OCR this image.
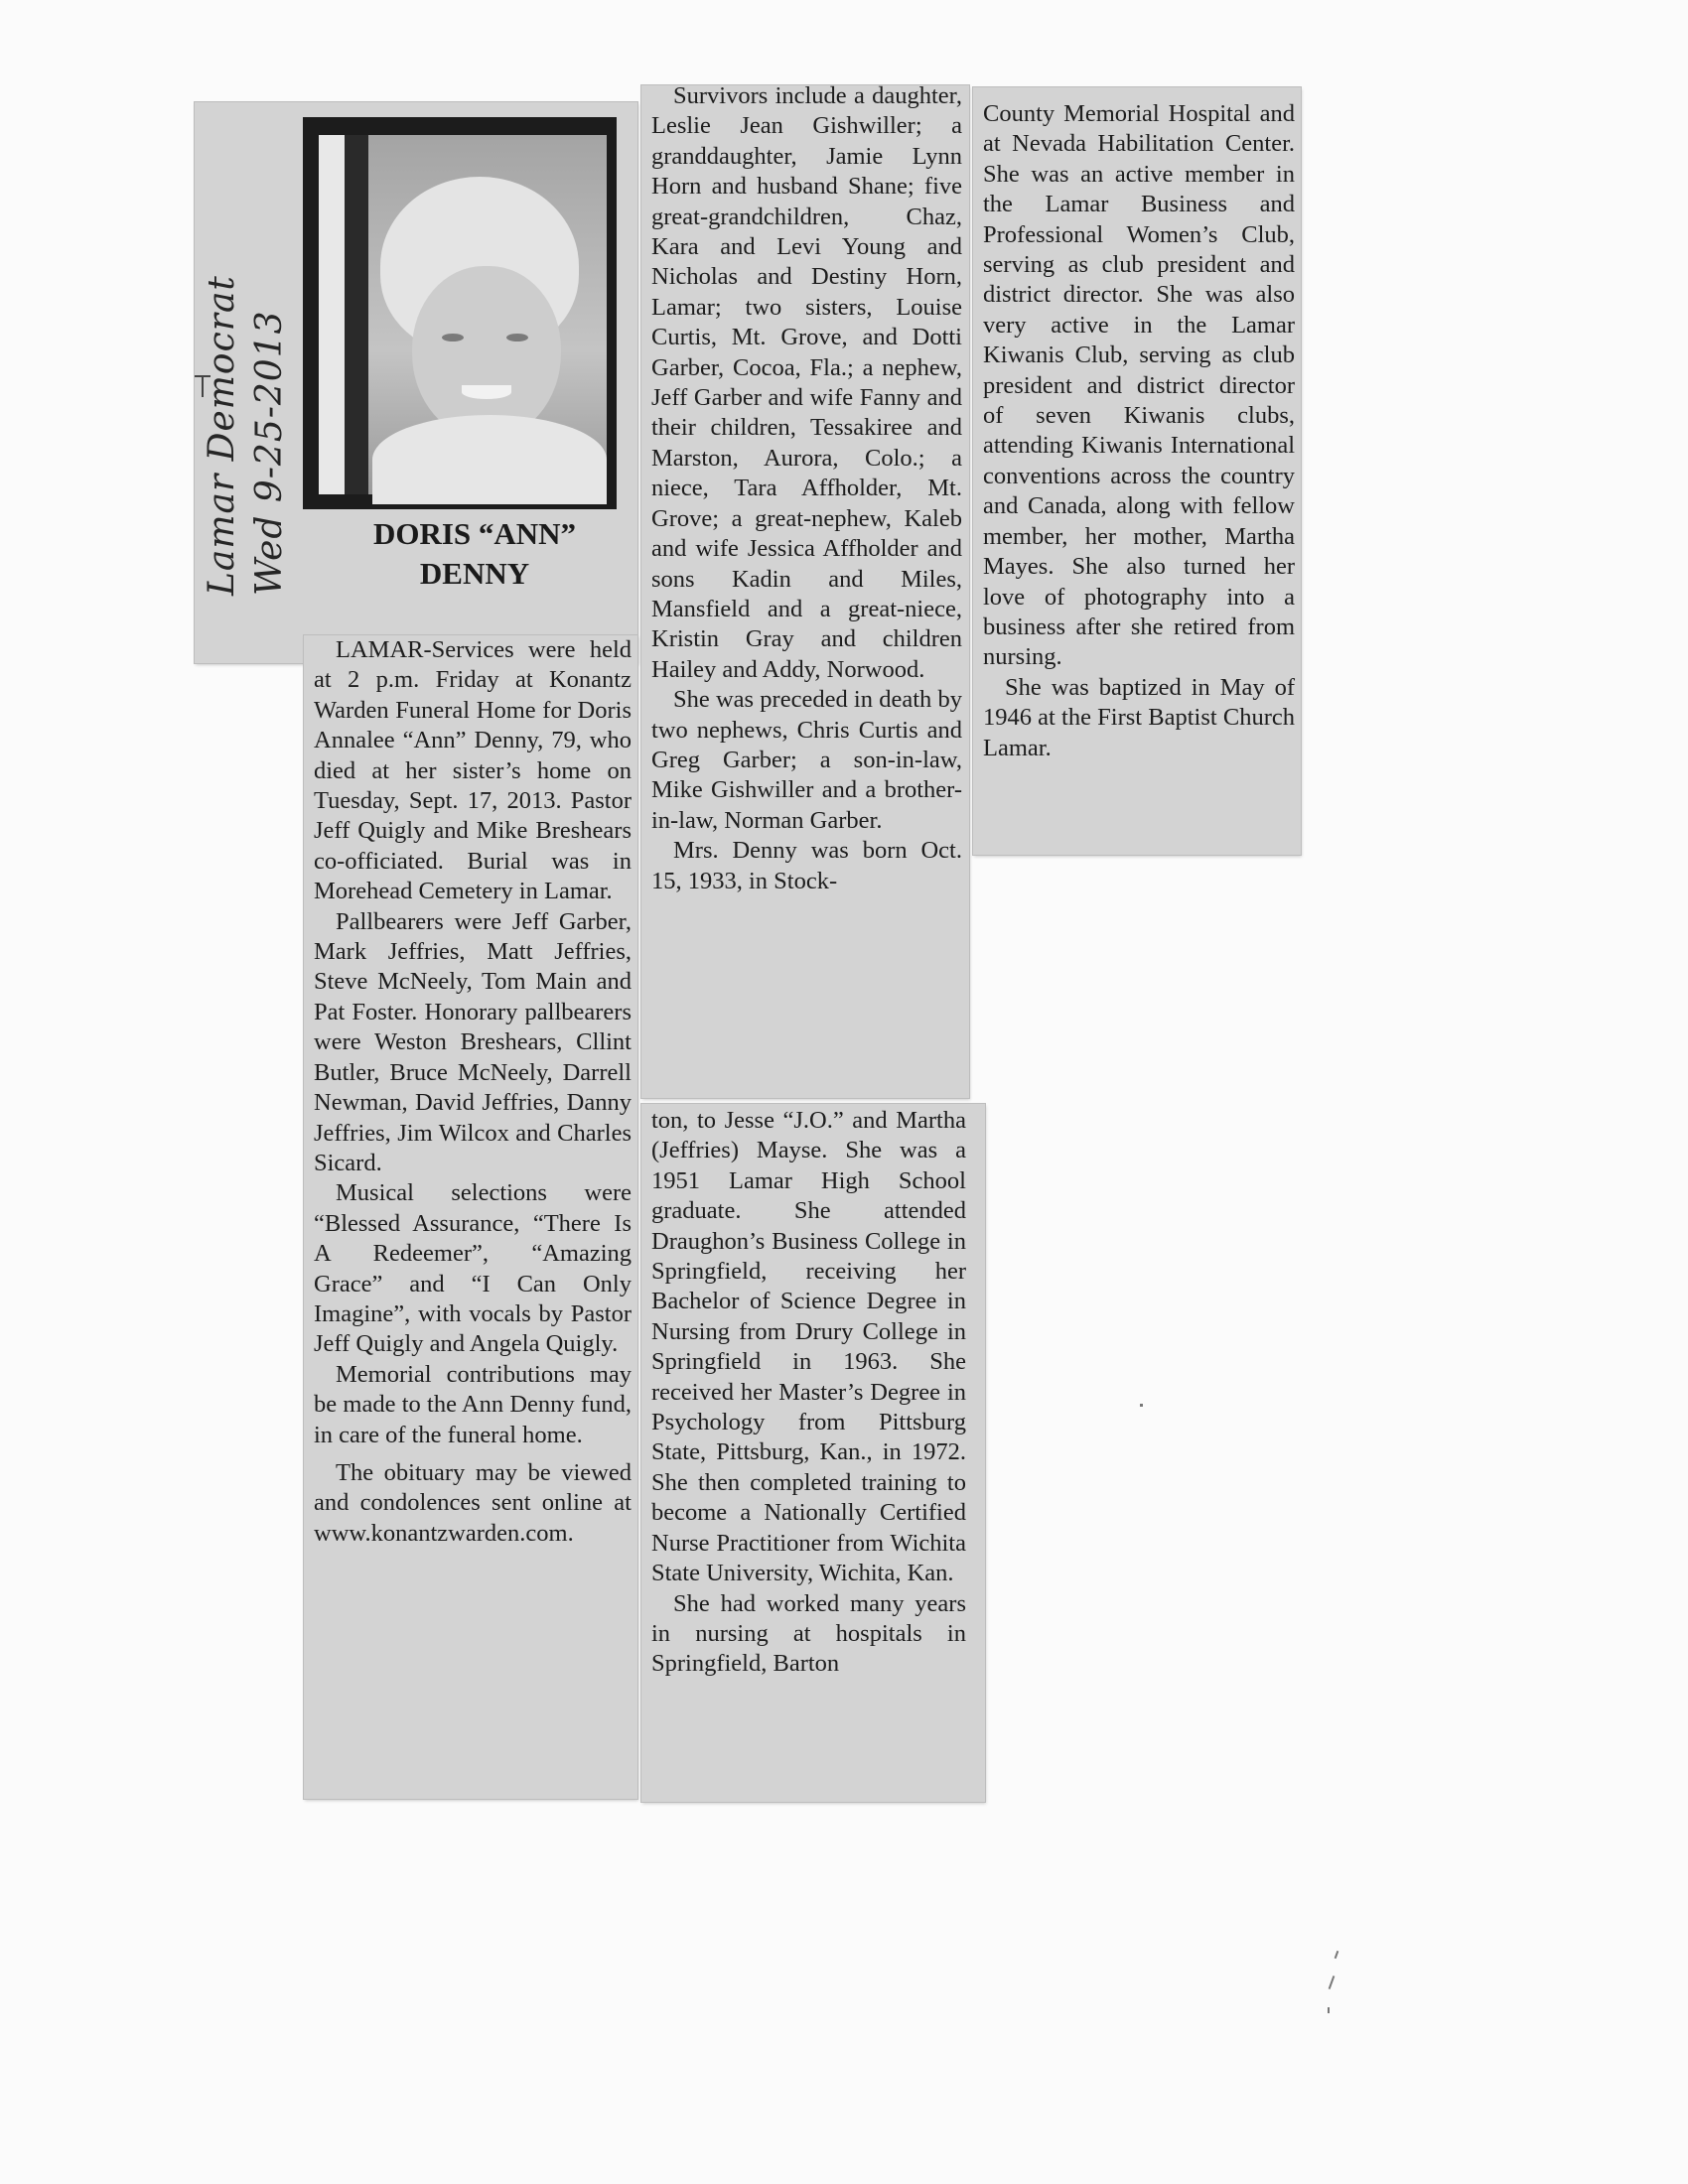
DORIS “ANN”
DENNY
Lamar Democrat Wed 9-25-2013

LAMAR-Services were held at 2 p.m. Friday at Konantz Warden Funeral Home for Doris Annalee “Ann” Denny, 79, who died at her sister’s home on Tuesday, Sept. 17, 2013. Pastor Jeff Quigly and Mike Breshears co-officiated. Burial was in Morehead Cemetery in Lamar.

Pallbearers were Jeff Garber, Mark Jeffries, Matt Jeffries, Steve McNeely, Tom Main and Pat Foster. Honorary pallbearers were Weston Breshears, Cllint Butler, Bruce McNeely, Darrell Newman, David Jeffries, Danny Jeffries, Jim Wilcox and Charles Sicard.

Musical selections were “Blessed Assurance, “There Is A Redeemer”, “Amazing Grace” and “I Can Only Imagine”, with vocals by Pastor Jeff Quigly and Angela Quigly.

Memorial contributions may be made to the Ann Denny fund, in care of the funeral home.

The obituary may be viewed and condolences sent online at www.konantzwarden.com.

Survivors include a daughter, Leslie Jean Gishwiller; a granddaughter, Jamie Lynn Horn and husband Shane; five great-grandchildren, Chaz, Kara and Levi Young and Nicholas and Destiny Horn, Lamar; two sisters, Louise Curtis, Mt. Grove, and Dotti Garber, Cocoa, Fla.; a nephew, Jeff Garber and wife Fanny and their children, Tessakiree and Marston, Aurora, Colo.; a niece, Tara Affholder, Mt. Grove; a great-nephew, Kaleb and wife Jessica Affholder and sons Kadin and Miles, Mansfield and a great-niece, Kristin Gray and children Hailey and Addy, Norwood.

She was preceded in death by two nephews, Chris Curtis and Greg Garber; a son-in-law, Mike Gishwiller and a brother-in-law, Norman Garber.

Mrs. Denny was born Oct. 15, 1933, in Stock-

ton, to Jesse “J.O.” and Martha (Jeffries) Mayse. She was a 1951 Lamar High School graduate. She attended Draughon’s Business College in Springfield, receiving her Bachelor of Science Degree in Nursing from Drury College in Springfield in 1963. She received her Master’s Degree in Psychology from Pittsburg State, Pittsburg, Kan., in 1972. She then completed training to become a Nationally Certified Nurse Practitioner from Wichita State University, Wichita, Kan.

She had worked many years in nursing at hospitals in Springfield, Barton

County Memorial Hospital and at Nevada Habilitation Center. She was an active member in the Lamar Business and Professional Women’s Club, serving as club president and district director. She was also very active in the Lamar Kiwanis Club, serving as club president and district director of seven Kiwanis clubs, attending Kiwanis International conventions across the country and Canada, along with fellow member, her mother, Martha Mayes. She also turned her love of photography into a business after she retired from nursing.

She was baptized in May of 1946 at the First Baptist Church Lamar.
